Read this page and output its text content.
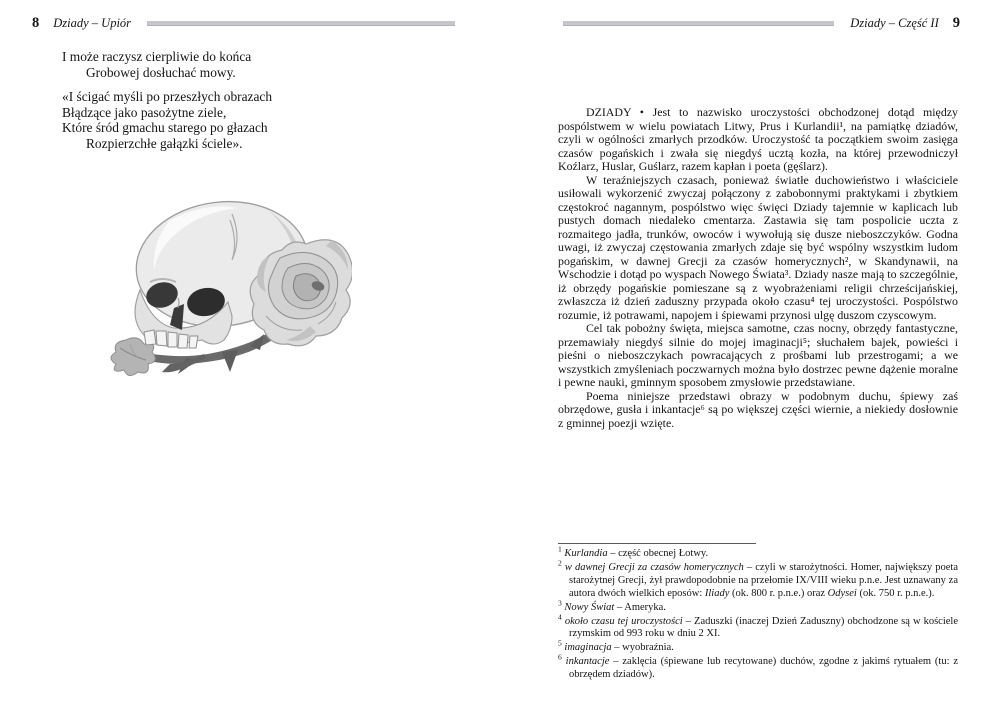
8 Dziady – Upiór
I może raczysz cierpliwie do końca
Grobowej dosłuchać mowy.
«I ścigać myśli po przeszłych obrazach
Błądzące jako pasożytne ziele,
Które śród gmachu starego po głazach
Rozpierzchłe gałązki ściele».
Dziady – Część II 9

DZIADY • Jest to nazwisko uroczystości obchodzonej dotąd między pospólstwem w wielu powiatach Litwy, Prus i Kurlandii¹, na pamiątkę dziadów, czyli w ogólności zmarłych przodków. Uroczystość ta początkiem swoim zasięga czasów pogańskich i zwała się niegdyś ucztą kozła, na której przewodniczył Koźlarz, Huslar, Guślarz, razem kapłan i poeta (gęślarz).

W teraźniejszych czasach, ponieważ światłe duchowieństwo i właściciele usiłowali wykorzenić zwyczaj połączony z zabobonnymi praktykami i zbytkiem częstokroć nagannym, pospólstwo więc święci Dziady tajemnie w kaplicach lub pustych domach niedaleko cmentarza. Zastawia się tam pospolicie uczta z rozmaitego jadła, trunków, owoców i wywołują się dusze nieboszczyków. Godna uwagi, iż zwyczaj częstowania zmarłych zdaje się być wspólny wszystkim ludom pogańskim, w dawnej Grecji za czasów homerycznych², w Skandynawii, na Wschodzie i dotąd po wyspach Nowego Świata³. Dziady nasze mają to szczególnie, iż obrzędy pogańskie pomieszane są z wyobrażeniami religii chrześcijańskiej, zwłaszcza iż dzień zaduszny przypada około czasu⁴ tej uroczystości. Pospólstwo rozumie, iż potrawami, napojem i śpiewami przynosi ulgę duszom czyscowym.

Cel tak pobożny święta, miejsca samotne, czas nocny, obrzędy fantastyczne, przemawiały niegdyś silnie do mojej imaginacji⁵; słuchałem bajek, powieści i pieśni o nieboszczykach powracających z prośbami lub przestrogami; a we wszystkich zmyśleniach poczwarnych można było dostrzec pewne dążenie moralne i pewne nauki, gminnym sposobem zmysłowie przedstawiane.

Poema niniejsze przedstawi obrazy w podobnym duchu, śpiewy zaś obrzędowe, gusła i inkantacje⁶ są po większej części wiernie, a niekiedy dosłownie z gminnej poezji wzięte.

$^1$ Kurlandia – część obecnej Łotwy.

$^2$ w dawnej Grecji za czasów homerycznych – czyli w starożytności. Homer, największy poeta starożytnej Grecji, żył prawdopodobnie na przełomie IX/VIII wieku p.n.e. Jest uznawany za autora dwóch wielkich eposów: Iliady (ok. 800 r. p.n.e.) oraz Odysei (ok. 750 r. p.n.e.).

$^3$ Nowy Świat – Ameryka.

$^4$ około czasu tej uroczystości – Zaduszki (inaczej Dzień Zaduszny) obchodzone są w kościele rzymskim od 993 roku w dniu 2 XI.

$^5$ imaginacja – wyobraźnia.

$^6$ inkantacje – zaklęcia (śpiewane lub recytowane) duchów, zgodne z jakimś rytuałem (tu: z obrzędem dziadów).
